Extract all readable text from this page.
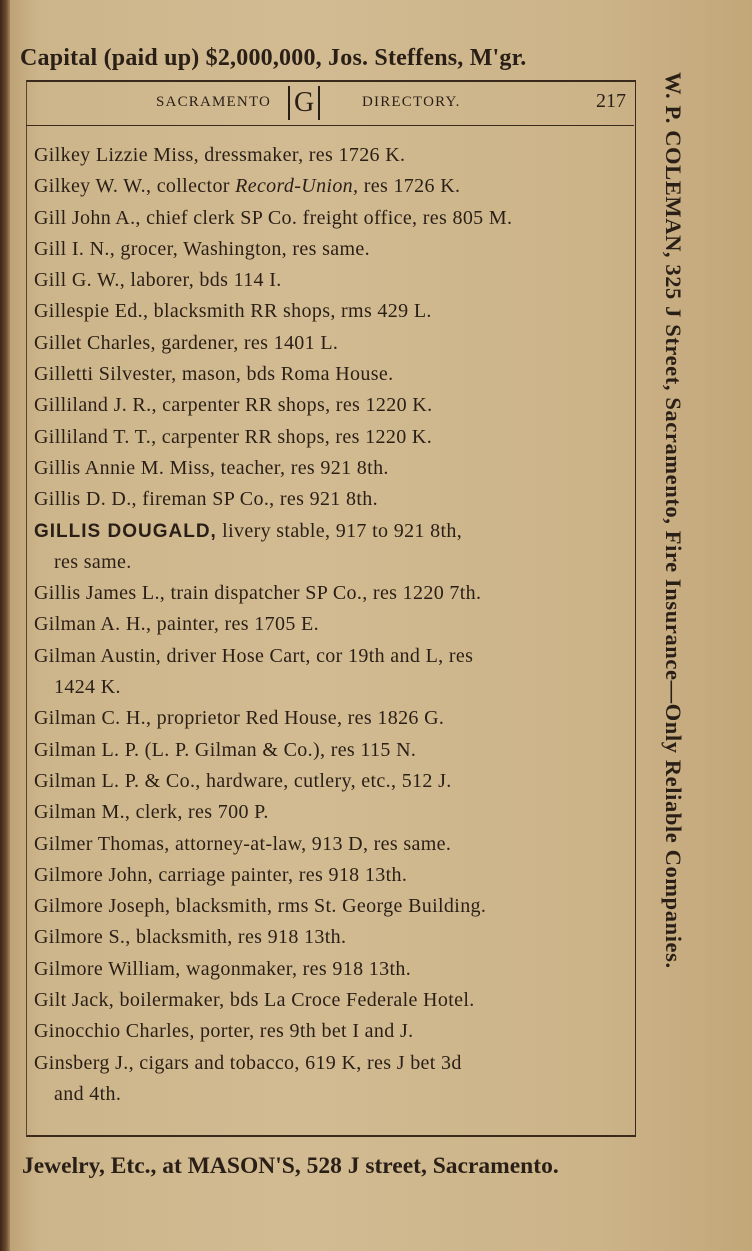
Capital (paid up) $2,000,000, Jos. Steffens, M'gr.
SACRAMENTO G	DIRECTORY.	217
Gilkey Lizzie Miss, dressmaker, res 1726 K.
Gilkey W. W., collector Record-Union, res 1726 K.
Gill John A., chief clerk SP Co. freight office, res 805 M.
Gill I. N., grocer, Washington, res same.
Gill G. W., laborer, bds 114 I.
Gillespie Ed., blacksmith RR shops, rms 429 L.
Gillet Charles, gardener, res 1401 L.
Gilletti Silvester, mason, bds Roma House.
Gilliland J. R., carpenter RR shops, res 1220 K.
Gilliland T. T., carpenter RR shops, res 1220 K.
Gillis Annie M. Miss, teacher, res 921 8th.
Gillis D. D., fireman SP Co., res 921 8th.
GILLIS DOUGALD, livery stable, 917 to 921 8th,
res same.
Gillis James L., train dispatcher SP Co., res 1220 7th.
Gilman A. H., painter, res 1705 E.
Gilman Austin, driver Hose Cart, cor 19th and L, res
1424 K.
Gilman C. H., proprietor Red House, res 1826 G.
Gilman L. P. (L. P. Gilman & Co.), res 115 N.
Gilman L. P. & Co., hardware, cutlery, etc., 512 J.
Gilman M., clerk, res 700 P.
Gilmer Thomas, attorney-at-law, 913 D, res same.
Gilmore John, carriage painter, res 918 13th.
Gilmore Joseph, blacksmith, rms St. George Building.
Gilmore S., blacksmith, res 918 13th.
Gilmore William, wagonmaker, res 918 13th.
Gilt Jack, boilermaker, bds La Croce Federale Hotel.
Ginocchio Charles, porter, res 9th bet I and J.
Ginsberg J., cigars and tobacco, 619 K, res J bet 3d
and 4th.
W. P. COLEMAN, 325 J Street, Sacramento, Fire Insurance—Only Reliable Companies.
Jewelry, Etc., at MASON'S, 528 J street, Sacramento.
